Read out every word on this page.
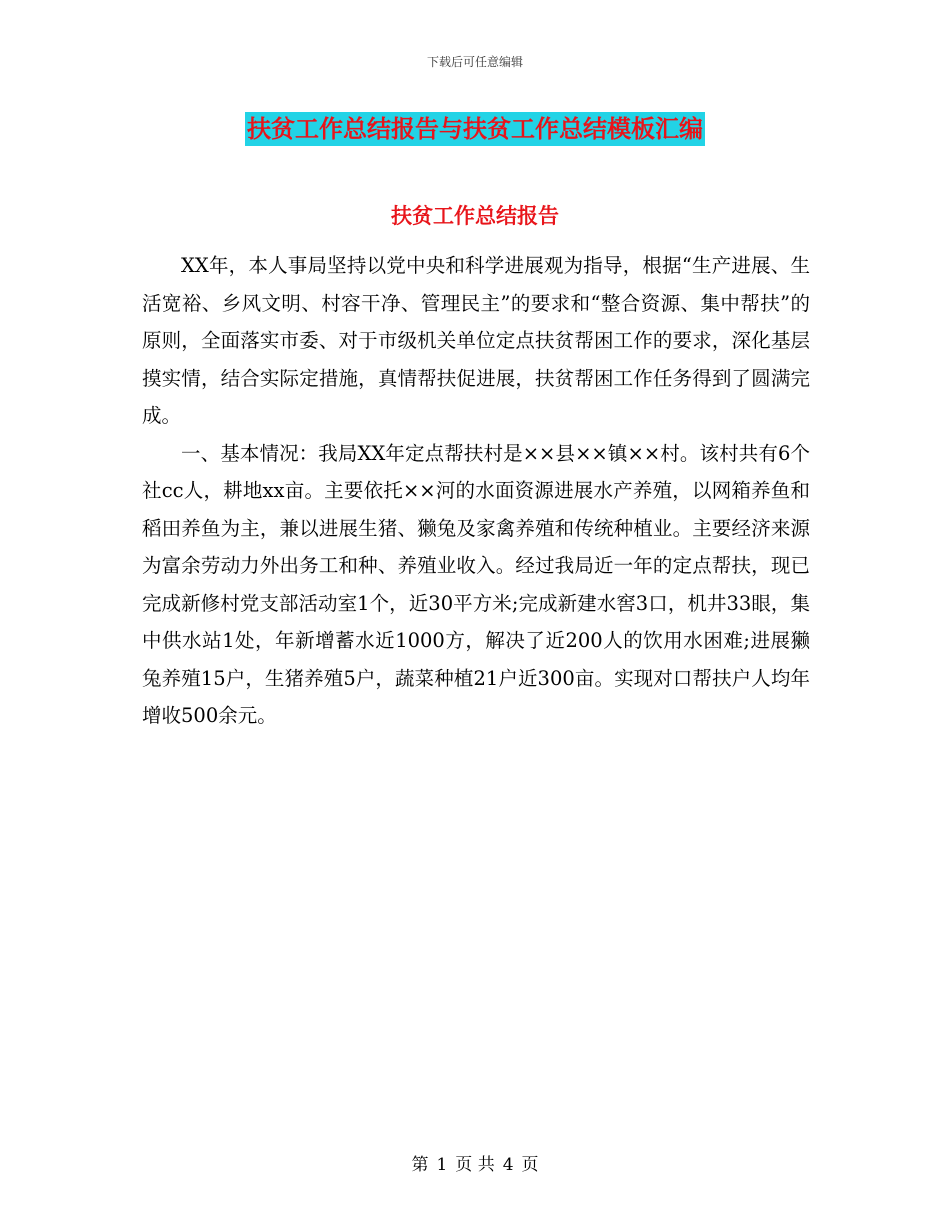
下载后可任意编辑
扶贫工作总结报告与扶贫工作总结模板汇编
扶贫工作总结报告

XX年，本人事局坚持以党中央和科学进展观为指导，根据“生产进展、生活宽裕、乡风文明、村容干净、管理民主”的要求和“整合资源、集中帮扶”的原则，全面落实市委、对于市级机关单位定点扶贫帮困工作的要求，深化基层摸实情，结合实际定措施，真情帮扶促进展，扶贫帮困工作任务得到了圆满完成。

一、基本情况：我局XX年定点帮扶村是××县××镇××村。该村共有6个社cc人，耕地xx亩。主要依托××河的水面资源进展水产养殖，以网箱养鱼和稻田养鱼为主，兼以进展生猪、獭兔及家禽养殖和传统种植业。主要经济来源为富余劳动力外出务工和种、养殖业收入。经过我局近一年的定点帮扶，现已完成新修村党支部活动室1个，近30平方米;完成新建水窖3口，机井33眼，集中供水站1处，年新增蓄水近1000方，解决了近200人的饮用水困难;进展獭兔养殖15户，生猪养殖5户，蔬菜种植21户近300亩。实现对口帮扶户人均年增收500余元。

第 1 页 共 4 页
